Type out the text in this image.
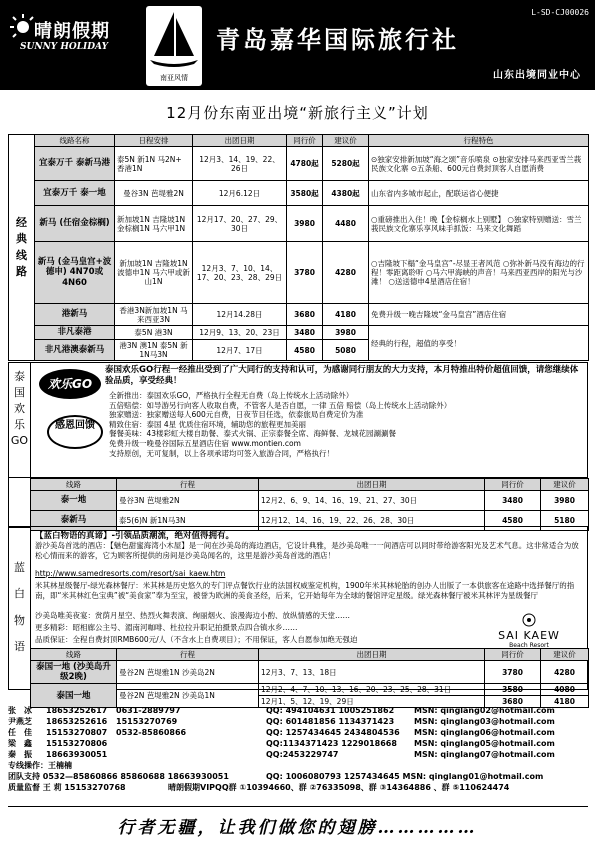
L-SD-CJ00026
晴朗假期
SUNNY HOLIDAY
南亚风情
青岛嘉华国际旅行社
山东出境同业中心
12月份东南亚出境“新旅行主义”计划
经典线路	线路名称	日程安排	出团日期	同行价	建议价	行程特色
	宜泰万千 泰新马港	泰5N 新1N 马2N+ 香港1N	12月3、14、19、22、26日	4780起	5280起	⊙独家安排新加坡“海之颂”音乐喷泉 ⊙独家安排马来西亚雪兰莪民族文化寨 ⊙五条船、600元自费封顶客人自愿消费
	宜泰万千 泰一地	曼谷3N 芭堤雅2N	12月6.12日	3580起	4380起	山东省内多城市起止，配联运省心便捷
	新马 (任宿金棕榈)	新加坡1N 吉隆坡1N 金棕榈1N 马六甲1N	12月17、20、27、29、30日	3980	4480	○重磅推出入住！晚【金棕榈水上别墅】 ○独家特别赠送：雪兰莪民族文化寨乐享风味手抓饭：马来文化舞蹈
	新马 (金马皇宫+波德申) 4N70或4N60	新加坡1N 吉隆坡1N 波德申1N 马六甲或新山1N	12月3、7、10、14、17、20、23、28、29日	3780	4280	○吉隆坡下榻“金马皇宫”-尽显王者风范 ○弥补新马没有海边的行程！零距离聆听 ○马六甲海峡的声音！马来西亚西岸的阳光与沙滩！ ○送送德申4星酒店住宿！
	港新马	香港3N新加坡1N 马来西亚3N	12月14.28日	3680	4180	免费升级一晚吉隆坡“金马皇宫”酒店住宿
	非凡泰港	泰5N 港3N	12月9、13、20、23日	3480	3980	经典的行程，超值的享受！
	非凡港澳泰新马	港3N 澳1N 泰5N 新1N马3N	12月7、17日	4580	5080	
泰国欢乐GO
欢乐GO
感恩回馈
泰国欢乐GO行程一经推出受到了广大同行的支持和认可，为感谢同行朋友的大力支持，本月特推出特价超值回馈，请您继续体验品质，享受经典！
全新推出：泰国欢乐GO，严格执行全程无自费（岛上传统水上活动除外）
五倍赔偿：如导游另行向客人收取自费，不管客人是否自愿，一律 五倍 赔偿（岛上传统水上活动除外）
独家赠送：独家赠送每人600元自费，日夜节目任选，依泰旅局自费定价为准
精致住宿：泰国 4星 优质住宿环境，辅助您的旅程更加美丽
餐餐美味：43楼彩虹大楼自助餐、泰式火锅、正宗泰餐全席、海鲜餐、龙城花园涮涮餐
免费升级一晚曼谷国际五星酒店住宿 www.montien.com
支持原创，无可复制，以上各项承诺均可签入旅游合同，严格执行！
线路	行程	出团日期	同行价	建议价
泰一地	曼谷3N 芭堤雅2N	12月2、6、9、14、16、19、21、27、30日	3480	3980
泰新马	泰5(6)N 新1N马3N	12月12、14、16、19、22、26、28、30日	4580	5180
蓝白物语
【蓝白物语的真谛】-引领品质潮流，绝对值得拥有。
游沙美岛首选的酒店：【魅色甜蜜海湾小木屋】是一间在沙美岛的海边酒店，它设计典雅，是沙美岛唯一一间酒店可以同时带给游客阳光及艺术气息。这非常适合为放松心情而来的游客，它为顾客所提供的房间是沙美岛闻名的，这里是游沙美岛首选的酒店！
http://www.samedresorts.com/resort/sai_kaew.htm
米其林星级餐厅-绿光森林餐厅：米其林是历史悠久的专门评点餐饮行业的法国权威鉴定机构，1900年米其林轮胎的创办人出版了一本供旅客在途路中选择餐厅的指南，即“米其林红色宝典”被“美食家”奉为至宝，被誉为欧洲的美食圣经，后来，它开始每年为全球的餐馆评定星级。绿光森林餐厅被米其林评为星级餐厅
沙美岛唯美夜宴：赏荫月星空、热烈火舞表演、绚丽烟火、浪漫海边小酌、放纵情感的天堂……
更多精彩：昭相廊公主号、湄南河咖啡、杜拉拉升职记拍摄景点四合镇水乡……
品质保证：全程自费封顶RMB600元/人（不含水上自费项目）；不用保证，客人自愿参加绝无强迫	SAI KAEW
Beach Resort
线路	行程	出团日期	同行价	建议价
泰国一地 (沙美岛升级2晚)	曼谷2N 芭堤雅1N 沙美岛2N	12月3、7、13、18日	3780	4280
泰国一地	曼谷2N 芭堤雅2N 沙美岛1N	12月2、4、7、10、13、16、20、23、25、28、31日	3580	4080
		12月1、5、12、19、29日	3680	4180
张　冰 18653252617 0631-2889797	QQ: 494104631 1005251862 MSN: qinglang02@hotmail.com
尹燕芝 18653252616 15153270769	QQ: 601481856 1134371423 MSN: qinglang03@hotmail.com
任　佳 15153270807 0532-85860866	QQ: 1257434645 2434804536 MSN: qinglang06@hotmail.com
梁　鑫 15153270806	QQ:1134371423 1229018668 MSN: qinglang05@hotmail.com
秦　振 18663930051	QQ:2453229747	MSN: qinglang07@hotmail.com
专线操作：王楠楠
团队支持 0532—85860866 85860688 18663930051	QQ: 1006080793 1257434645 MSN: qinglang01@hotmail.com
质量监督 王 莉 15153270768	晴朗假期VIPQQ群 ①10394660、群 ②76335098、群 ③14364886 、群 ⑤110624474
行者无疆，让我们做您的翅膀……………
